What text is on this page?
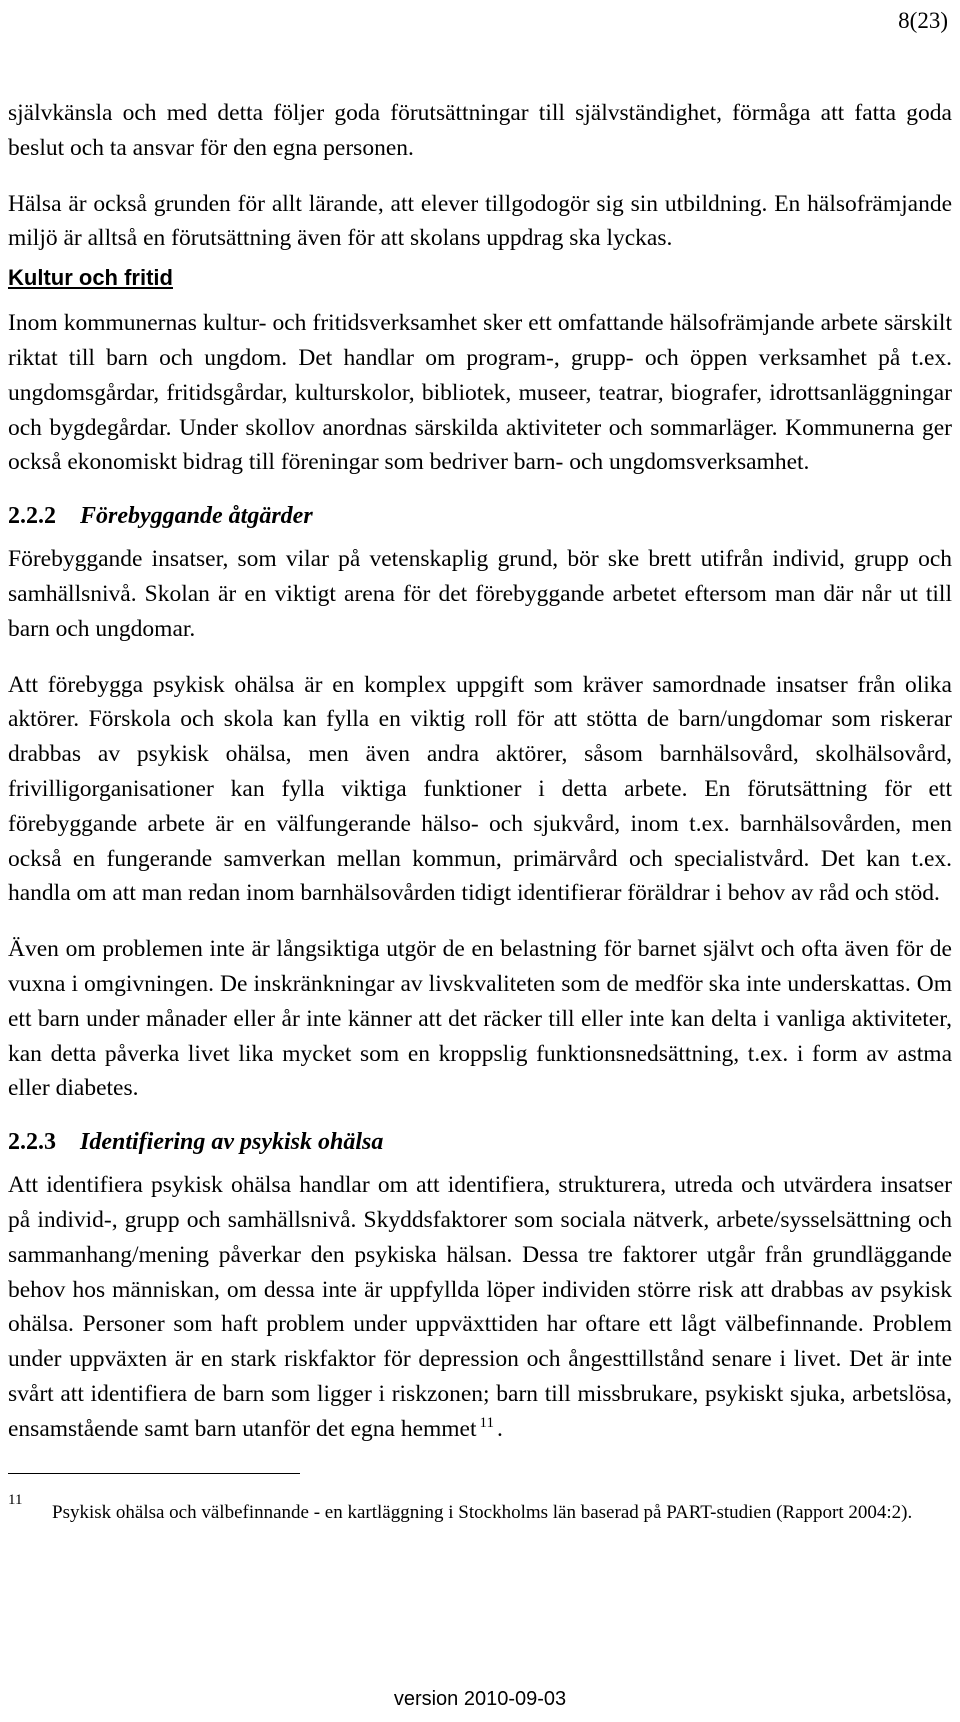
8(23)

självkänsla och med detta följer goda förutsättningar till självständighet, förmåga att fatta goda beslut och ta ansvar för den egna personen.

Hälsa är också grunden för allt lärande, att elever tillgodogör sig sin utbildning. En hälsofrämjande miljö är alltså en förutsättning även för att skolans uppdrag ska lyckas.

Kultur och fritid

Inom kommunernas kultur- och fritidsverksamhet sker ett omfattande hälsofrämjande arbete särskilt riktat till barn och ungdom. Det handlar om program-, grupp- och öppen verksamhet på t.ex. ungdomsgårdar, fritidsgårdar, kulturskolor, bibliotek, museer, teatrar, biografer, idrottsanläggningar och bygdegårdar. Under skollov anordnas särskilda aktiviteter och sommarläger. Kommunerna ger också ekonomiskt bidrag till föreningar som bedriver barn- och ungdomsverksamhet.

2.2.2 Förebyggande åtgärder

Förebyggande insatser, som vilar på vetenskaplig grund, bör ske brett utifrån individ, grupp och samhällsnivå. Skolan är en viktigt arena för det förebyggande arbetet eftersom man där når ut till barn och ungdomar.

Att förebygga psykisk ohälsa är en komplex uppgift som kräver samordnade insatser från olika aktörer. Förskola och skola kan fylla en viktig roll för att stötta de barn/ungdomar som riskerar drabbas av psykisk ohälsa, men även andra aktörer, såsom barnhälsovård, skolhälsovård, frivilligorganisationer kan fylla viktiga funktioner i detta arbete. En förutsättning för ett förebyggande arbete är en välfungerande hälso- och sjukvård, inom t.ex. barnhälsovården, men också en fungerande samverkan mellan kommun, primärvård och specialistvård. Det kan t.ex. handla om att man redan inom barnhälsovården tidigt identifierar föräldrar i behov av råd och stöd.

Även om problemen inte är långsiktiga utgör de en belastning för barnet självt och ofta även för de vuxna i omgivningen. De inskränkningar av livskvaliteten som de medför ska inte underskattas. Om ett barn under månader eller år inte känner att det räcker till eller inte kan delta i vanliga aktiviteter, kan detta påverka livet lika mycket som en kroppslig funktionsnedsättning, t.ex. i form av astma eller diabetes.

2.2.3 Identifiering av psykisk ohälsa

Att identifiera psykisk ohälsa handlar om att identifiera, strukturera, utreda och utvärdera insatser på individ-, grupp och samhällsnivå. Skyddsfaktorer som sociala nätverk, arbete/sysselsättning och sammanhang/mening påverkar den psykiska hälsan. Dessa tre faktorer utgår från grundläggande behov hos människan, om dessa inte är uppfyllda löper individen större risk att drabbas av psykisk ohälsa. Personer som haft problem under uppväxttiden har oftare ett lågt välbefinnande. Problem under uppväxten är en stark riskfaktor för depression och ångesttillstånd senare i livet. Det är inte svårt att identifiera de barn som ligger i riskzonen; barn till missbrukare, psykiskt sjuka, arbetslösa, ensamstående samt barn utanför det egna hemmet $^{11}$ .

11
Psykisk ohälsa och välbefinnande - en kartläggning i Stockholms län baserad på PART-studien (Rapport 2004:2).
version 2010-09-03
